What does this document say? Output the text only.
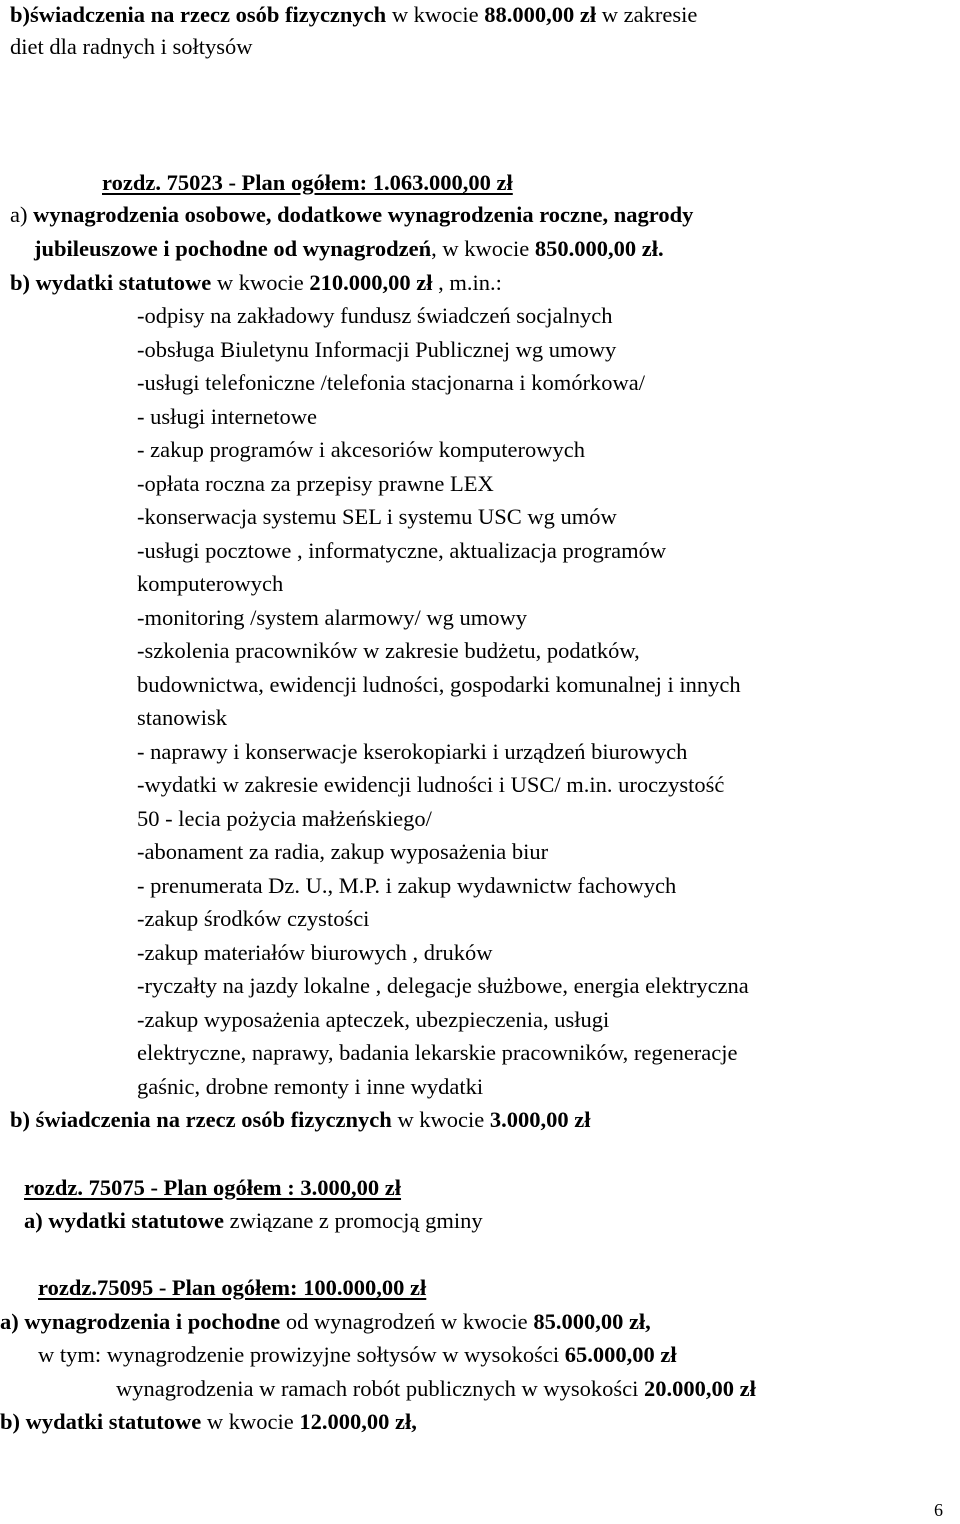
b)świadczenia na rzecz osób fizycznych w kwocie 88.000,00 zł w zakresie
diet dla radnych i sołtysów
rozdz. 75023 - Plan ogółem: 1.063.000,00 zł
a) wynagrodzenia osobowe, dodatkowe wynagrodzenia roczne, nagrody
jubileuszowe i pochodne od wynagrodzeń, w kwocie 850.000,00 zł.
b) wydatki statutowe w kwocie 210.000,00 zł , m.in.:
-odpisy na zakładowy fundusz świadczeń socjalnych
-obsługa Biuletynu Informacji Publicznej wg umowy
-usługi telefoniczne /telefonia stacjonarna i komórkowa/
- usługi internetowe
- zakup programów i akcesoriów komputerowych
-opłata roczna za przepisy prawne LEX
-konserwacja systemu SEL i systemu USC wg umów
-usługi pocztowe , informatyczne, aktualizacja programów
komputerowych
-monitoring /system alarmowy/ wg umowy
-szkolenia pracowników w zakresie budżetu, podatków,
budownictwa, ewidencji ludności, gospodarki komunalnej i innych
stanowisk
- naprawy i konserwacje kserokopiarki i urządzeń biurowych
-wydatki w zakresie ewidencji ludności i USC/ m.in. uroczystość
50 - lecia pożycia małżeńskiego/
-abonament za radia, zakup wyposażenia biur
- prenumerata Dz. U., M.P. i zakup wydawnictw fachowych
-zakup środków czystości
-zakup materiałów biurowych , druków
-ryczałty na jazdy lokalne , delegacje służbowe, energia elektryczna
-zakup wyposażenia apteczek, ubezpieczenia, usługi
elektryczne, naprawy, badania lekarskie pracowników, regeneracje
gaśnic, drobne remonty i inne wydatki
b) świadczenia na rzecz osób fizycznych w kwocie 3.000,00 zł
rozdz. 75075 - Plan ogółem : 3.000,00 zł
a) wydatki statutowe związane z promocją gminy
rozdz.75095 - Plan ogółem: 100.000,00 zł
a) wynagrodzenia i pochodne od wynagrodzeń w kwocie 85.000,00 zł,
w tym: wynagrodzenie prowizyjne sołtysów w wysokości 65.000,00 zł
wynagrodzenia w ramach robót publicznych w wysokości 20.000,00 zł
b) wydatki statutowe w kwocie 12.000,00 zł,
6
